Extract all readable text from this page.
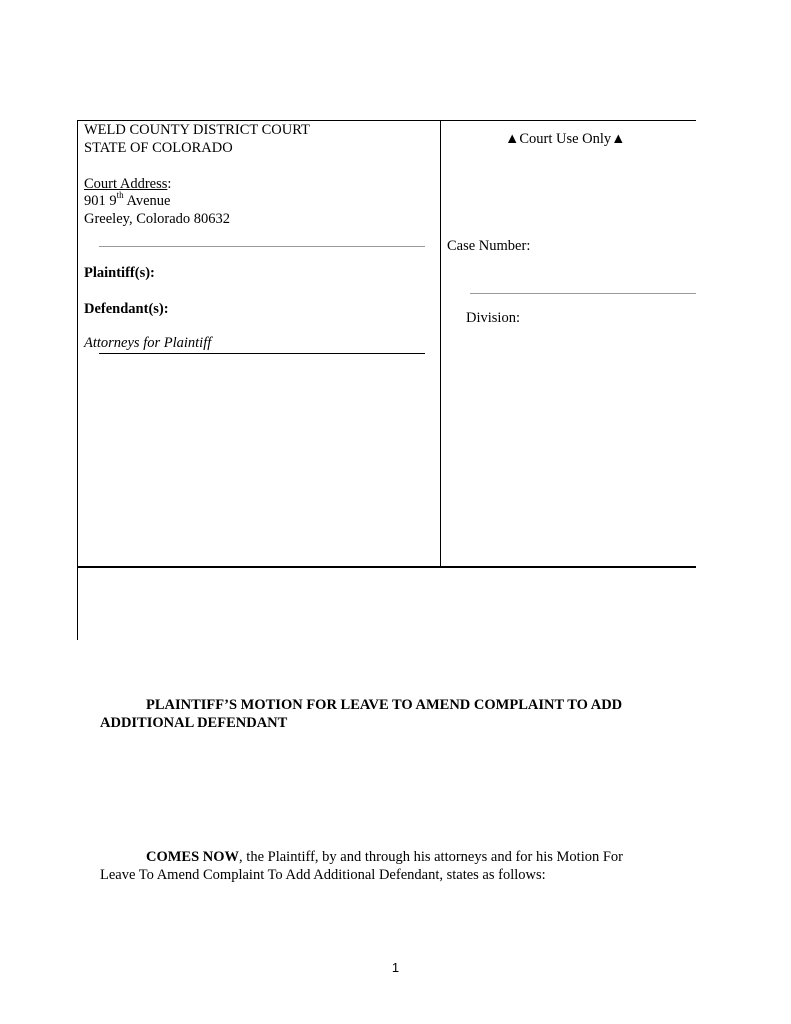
WELD COUNTY DISTRICT COURT
STATE OF COLORADO
Court Address:
901 9th Avenue
Greeley, Colorado 80632
Plaintiff(s):
Defendant(s):
Attorneys for Plaintiff
▲Court Use Only▲
Case Number:
Division:
PLAINTIFF’S MOTION FOR LEAVE TO AMEND COMPLAINT TO ADD
ADDITIONAL DEFENDANT
COMES NOW, the Plaintiff, by and through his attorneys and for his Motion For
Leave To Amend Complaint To Add Additional Defendant, states as follows:
1
